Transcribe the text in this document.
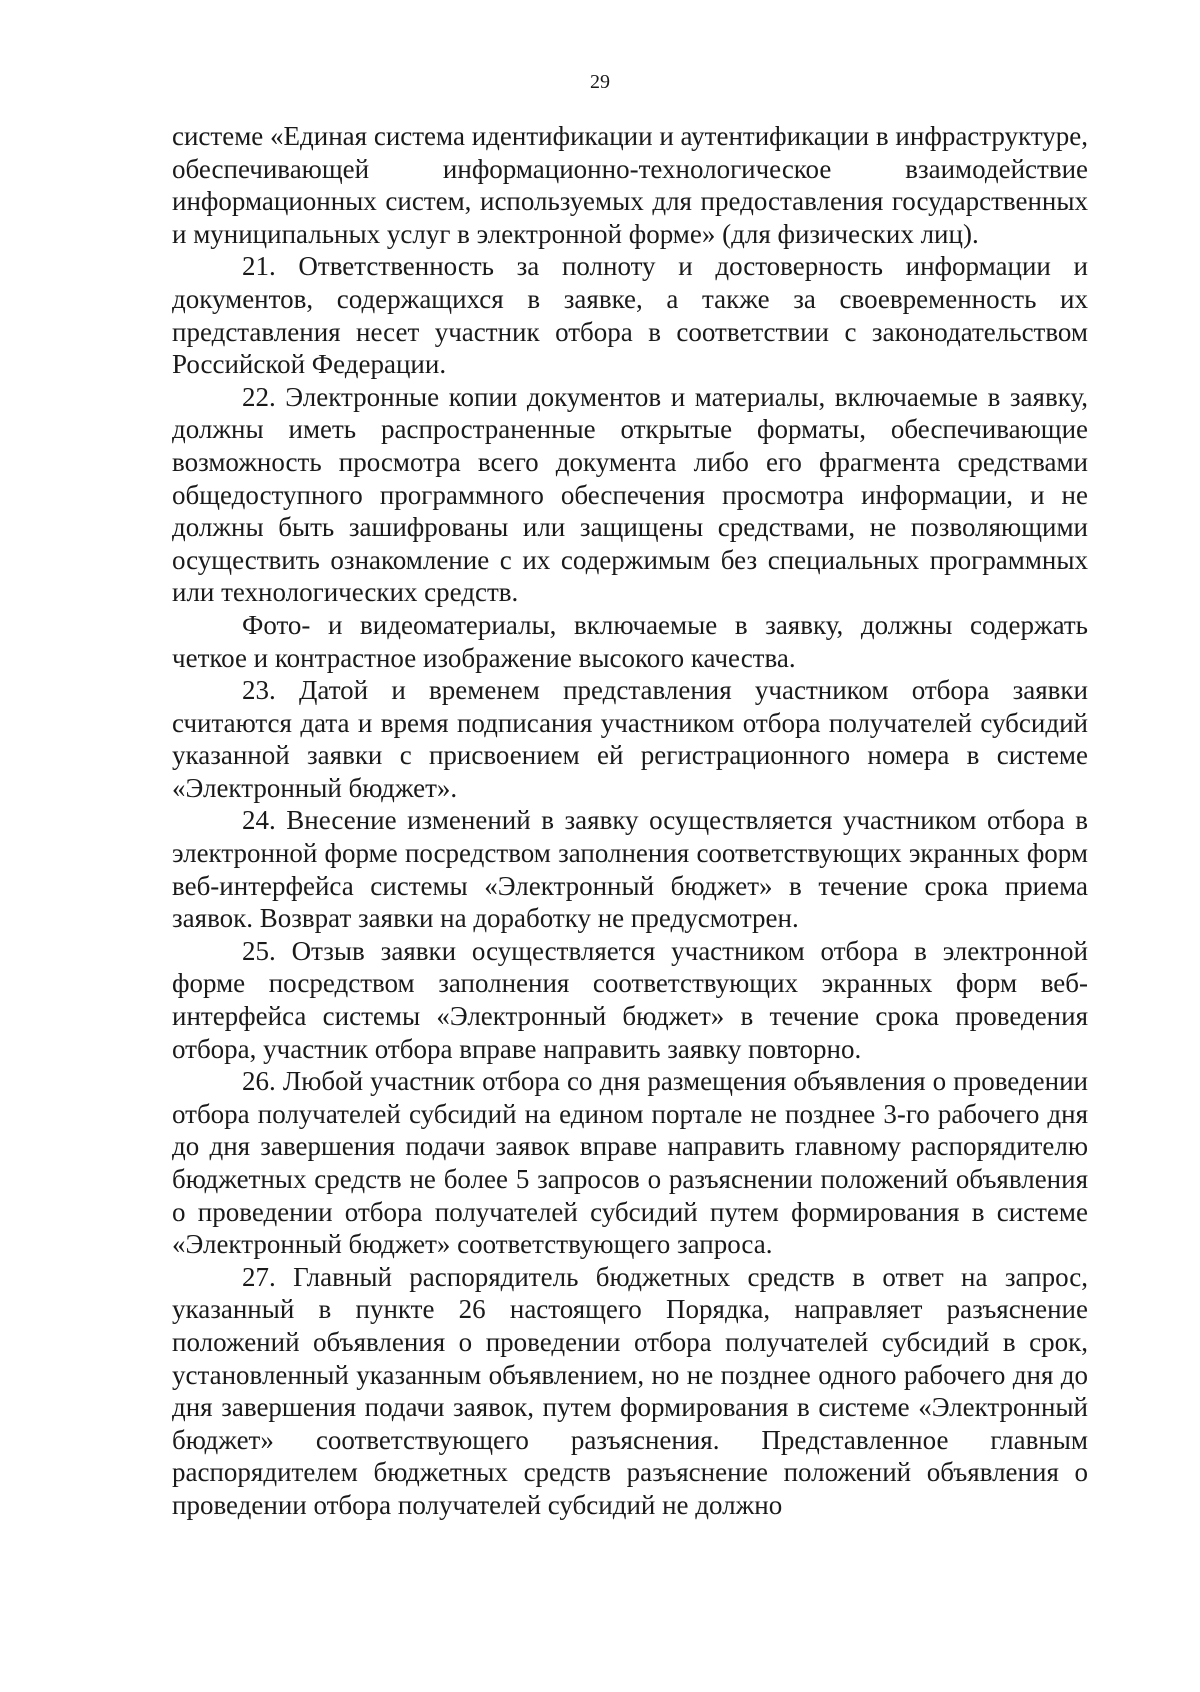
29

системе «Единая система идентификации и аутентификации в инфраструктуре, обеспечивающей информационно-технологическое взаимодействие информационных систем, используемых для предоставления государственных и муниципальных услуг в электронной форме» (для физических лиц).

21. Ответственность за полноту и достоверность информации и документов, содержащихся в заявке, а также за своевременность их представления несет участник отбора в соответствии с законодательством Российской Федерации.

22. Электронные копии документов и материалы, включаемые в заявку, должны иметь распространенные открытые форматы, обеспечивающие возможность просмотра всего документа либо его фрагмента средствами общедоступного программного обеспечения просмотра информации, и не должны быть зашифрованы или защищены средствами, не позволяющими осуществить ознакомление с их содержимым без специальных программных или технологических средств.

Фото- и видеоматериалы, включаемые в заявку, должны содержать четкое и контрастное изображение высокого качества.

23. Датой и временем представления участником отбора заявки считаются дата и время подписания участником отбора получателей субсидий указанной заявки с присвоением ей регистрационного номера в системе «Электронный бюджет».

24. Внесение изменений в заявку осуществляется участником отбора в электронной форме посредством заполнения соответствующих экранных форм веб-интерфейса системы «Электронный бюджет» в течение срока приема заявок. Возврат заявки на доработку не предусмотрен.

25. Отзыв заявки осуществляется участником отбора в электронной форме посредством заполнения соответствующих экранных форм веб-интерфейса системы «Электронный бюджет» в течение срока проведения отбора, участник отбора вправе направить заявку повторно.

26. Любой участник отбора со дня размещения объявления о проведении отбора получателей субсидий на едином портале не позднее 3-го рабочего дня до дня завершения подачи заявок вправе направить главному распорядителю бюджетных средств не более 5 запросов о разъяснении положений объявления о проведении отбора получателей субсидий путем формирования в системе «Электронный бюджет» соответствующего запроса.

27. Главный распорядитель бюджетных средств в ответ на запрос, указанный в пункте 26 настоящего Порядка, направляет разъяснение положений объявления о проведении отбора получателей субсидий в срок, установленный указанным объявлением, но не позднее одного рабочего дня до дня завершения подачи заявок, путем формирования в системе «Электронный бюджет» соответствующего разъяснения. Представленное главным распорядителем бюджетных средств разъяснение положений объявления о проведении отбора получателей субсидий не должно
